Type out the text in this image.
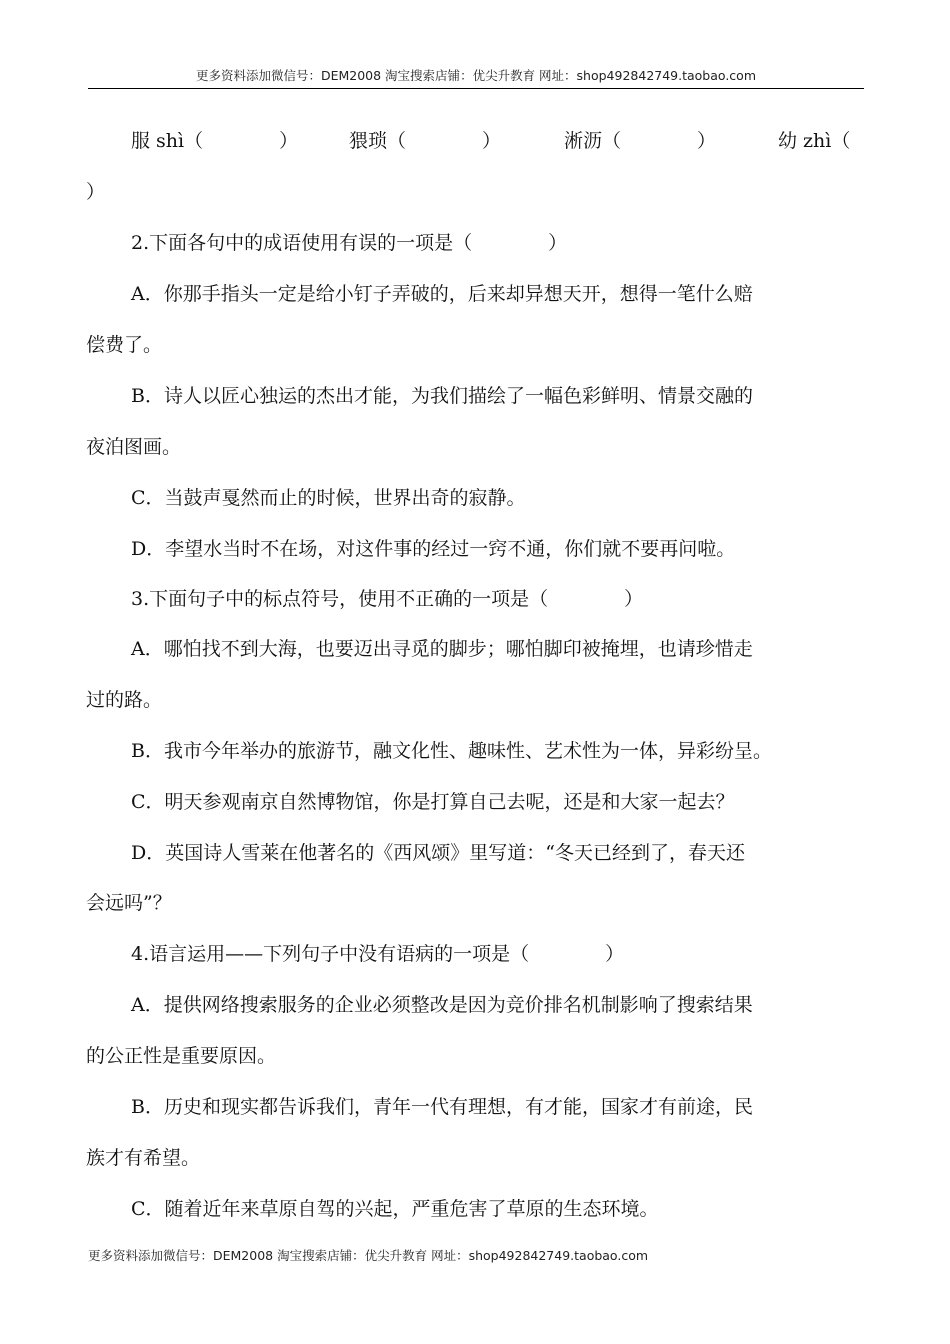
更多资料添加微信号：DEM2008 淘宝搜索店铺：优尖升教育 网址：shop492842749.taobao.com
服 shì（　　　　）	猥琐（　　　　）	淅沥（　　　　）	幼 zhì（
）
2.下面各句中的成语使用有误的一项是（　　　　）
A．你那手指头一定是给小钉子弄破的，后来却异想天开，想得一笔什么赔
偿费了。
B．诗人以匠心独运的杰出才能，为我们描绘了一幅色彩鲜明、情景交融的
夜泊图画。
C．当鼓声戛然而止的时候，世界出奇的寂静。
D．李望水当时不在场，对这件事的经过一窍不通，你们就不要再问啦。
3.下面句子中的标点符号，使用不正确的一项是（　　　　）
A．哪怕找不到大海，也要迈出寻觅的脚步；哪怕脚印被掩埋，也请珍惜走
过的路。
B．我市今年举办的旅游节，融文化性、趣味性、艺术性为一体，异彩纷呈。
C．明天参观南京自然博物馆，你是打算自己去呢，还是和大家一起去？
D．英国诗人雪莱在他著名的《西风颂》里写道：“冬天已经到了，春天还
会远吗”？
4.语言运用——下列句子中没有语病的一项是（　　　　）
A．提供网络搜索服务的企业必须整改是因为竞价排名机制影响了搜索结果
的公正性是重要原因。
B．历史和现实都告诉我们，青年一代有理想，有才能，国家才有前途，民
族才有希望。
C．随着近年来草原自驾的兴起，严重危害了草原的生态环境。
更多资料添加微信号：DEM2008 淘宝搜索店铺：优尖升教育 网址：shop492842749.taobao.com
